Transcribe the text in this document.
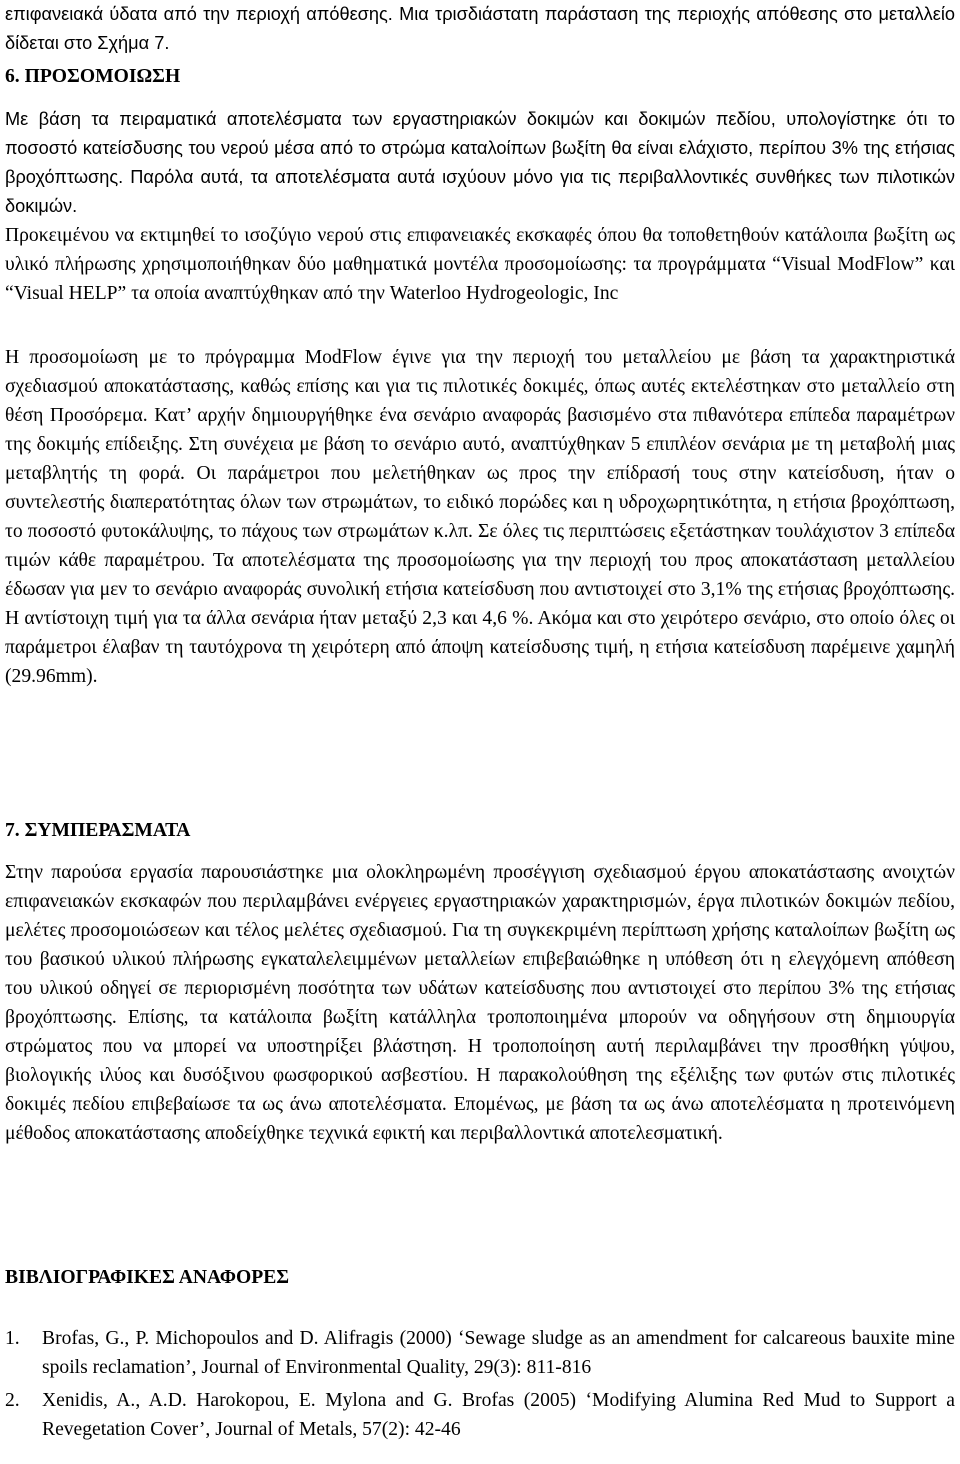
επιφανειακά ύδατα από την περιοχή απόθεσης. Μια τρισδιάστατη παράσταση της περιοχής απόθεσης στο μεταλλείο δίδεται στο Σχήμα 7.

6. ΠΡΟΣΟΜΟΙΩΣΗ

Με βάση τα πειραματικά αποτελέσματα των εργαστηριακών δοκιμών και δοκιμών πεδίου, υπολογίστηκε ότι το ποσοστό κατείσδυσης του νερού μέσα από το στρώμα καταλοίπων βωξίτη θα είναι ελάχιστο, περίπου 3% της ετήσιας βροχόπτωσης. Παρόλα αυτά, τα αποτελέσματα αυτά ισχύουν μόνο για τις περιβαλλοντικές συνθήκες των πιλοτικών δοκιμών.

Προκειμένου να εκτιμηθεί το ισοζύγιο νερού στις επιφανειακές εκσκαφές όπου θα τοποθετηθούν κατάλοιπα βωξίτη ως υλικό πλήρωσης χρησιμοποιήθηκαν δύο μαθηματικά μοντέλα προσομοίωσης: τα προγράμματα “Visual ModFlow” και “Visual HELP” τα οποία αναπτύχθηκαν από την Waterloo Hydrogeologic, Inc

Η προσομοίωση με το πρόγραμμα ModFlow έγινε για την περιοχή του μεταλλείου με βάση τα χαρακτηριστικά σχεδιασμού αποκατάστασης, καθώς επίσης και για τις πιλοτικές δοκιμές, όπως αυτές εκτελέστηκαν στο μεταλλείο στη θέση Προσόρεμα. Κατ’ αρχήν δημιουργήθηκε ένα σενάριο αναφοράς βασισμένο στα πιθανότερα επίπεδα παραμέτρων της δοκιμής επίδειξης. Στη συνέχεια με βάση το σενάριο αυτό, αναπτύχθηκαν 5 επιπλέον σενάρια με τη μεταβολή μιας μεταβλητής τη φορά. Οι παράμετροι που μελετήθηκαν ως προς την επίδρασή τους στην κατείσδυση, ήταν ο συντελεστής διαπερατότητας όλων των στρωμάτων, το ειδικό πορώδες και η υδροχωρητικότητα, η ετήσια βροχόπτωση, το ποσοστό φυτοκάλυψης, το πάχους των στρωμάτων κ.λπ. Σε όλες τις περιπτώσεις εξετάστηκαν τουλάχιστον 3 επίπεδα τιμών κάθε παραμέτρου. Τα αποτελέσματα της προσομοίωσης για την περιοχή του προς αποκατάσταση μεταλλείου έδωσαν για μεν το σενάριο αναφοράς συνολική ετήσια κατείσδυση που αντιστοιχεί στο 3,1% της ετήσιας βροχόπτωσης. Η αντίστοιχη τιμή για τα άλλα σενάρια ήταν μεταξύ 2,3 και 4,6 %. Ακόμα και στο χειρότερο σενάριο, στο οποίο όλες οι παράμετροι έλαβαν τη ταυτόχρονα τη χειρότερη από άποψη κατείσδυσης τιμή, η ετήσια κατείσδυση παρέμεινε χαμηλή (29.96mm).

7. ΣΥΜΠΕΡΑΣΜΑΤΑ

Στην παρούσα εργασία παρουσιάστηκε μια ολοκληρωμένη προσέγγιση σχεδιασμού έργου αποκατάστασης ανοιχτών επιφανειακών εκσκαφών που περιλαμβάνει ενέργειες εργαστηριακών χαρακτηρισμών, έργα πιλοτικών δοκιμών πεδίου, μελέτες προσομοιώσεων και τέλος μελέτες σχεδιασμού. Για τη συγκεκριμένη περίπτωση χρήσης καταλοίπων βωξίτη ως του βασικού υλικού πλήρωσης εγκαταλελειμμένων μεταλλείων επιβεβαιώθηκε η υπόθεση ότι η ελεγχόμενη απόθεση του υλικού οδηγεί σε περιορισμένη ποσότητα των υδάτων κατείσδυσης που αντιστοιχεί στο περίπου 3% της ετήσιας βροχόπτωσης. Επίσης, τα κατάλοιπα βωξίτη κατάλληλα τροποποιημένα μπορούν να οδηγήσουν στη δημιουργία στρώματος που να μπορεί να υποστηρίξει βλάστηση. Η τροποποίηση αυτή περιλαμβάνει την προσθήκη γύψου, βιολογικής ιλύος και δυσόξινου φωσφορικού ασβεστίου. Η παρακολούθηση της εξέλιξης των φυτών στις πιλοτικές δοκιμές πεδίου επιβεβαίωσε τα ως άνω αποτελέσματα. Επομένως, με βάση τα ως άνω αποτελέσματα η προτεινόμενη μέθοδος αποκατάστασης αποδείχθηκε τεχνικά εφικτή και περιβαλλοντικά αποτελεσματική.

ΒΙΒΛΙΟΓΡΑΦΙΚΕΣ ΑΝΑΦΟΡΕΣ
1.	Brofas, G., P. Michopoulos and D. Alifragis (2000) ‘Sewage sludge as an amendment for calcareous bauxite mine spoils reclamation’, Journal of Environmental Quality, 29(3): 811-816
2.	Xenidis, A., A.D. Harokopou, E. Mylona and G. Brofas (2005) ‘Modifying Alumina Red Mud to Support a Revegetation Cover’, Journal of Metals, 57(2): 42-46
